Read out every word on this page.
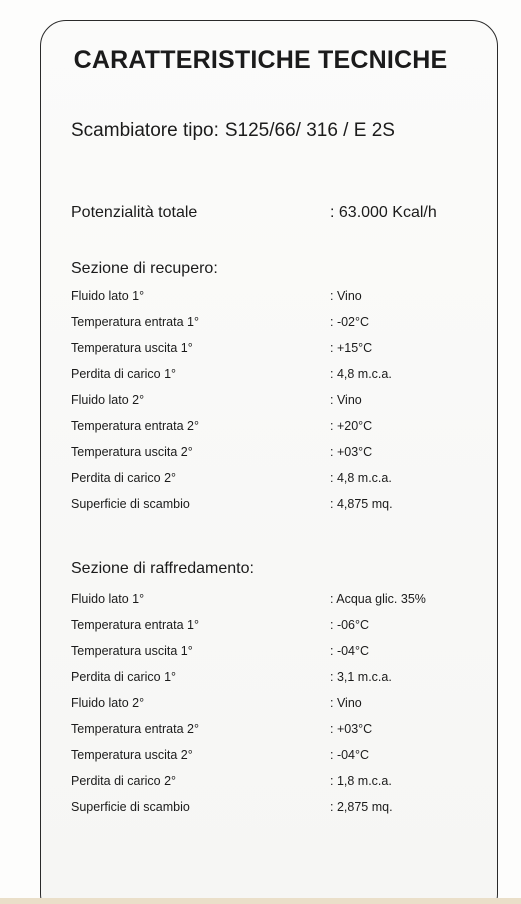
CARATTERISTICHE TECNICHE
Scambiatore tipo: S125/66/ 316 / E 2S
Potenzialità totale	: 63.000 Kcal/h
Sezione di recupero:
Fluido lato 1°	: Vino
Temperatura entrata 1°	: -02°C
Temperatura uscita 1°	: +15°C
Perdita di carico 1°	: 4,8 m.c.a.
Fluido lato 2°	: Vino
Temperatura entrata 2°	: +20°C
Temperatura uscita 2°	: +03°C
Perdita di carico 2°	: 4,8 m.c.a.
Superficie di scambio	: 4,875 mq.
Sezione di raffredamento:
Fluido lato 1°	: Acqua glic. 35%
Temperatura entrata 1°	: -06°C
Temperatura uscita 1°	: -04°C
Perdita di carico 1°	: 3,1 m.c.a.
Fluido lato 2°	: Vino
Temperatura entrata 2°	: +03°C
Temperatura uscita 2°	: -04°C
Perdita di carico 2°	: 1,8 m.c.a.
Superficie di scambio	: 2,875 mq.
